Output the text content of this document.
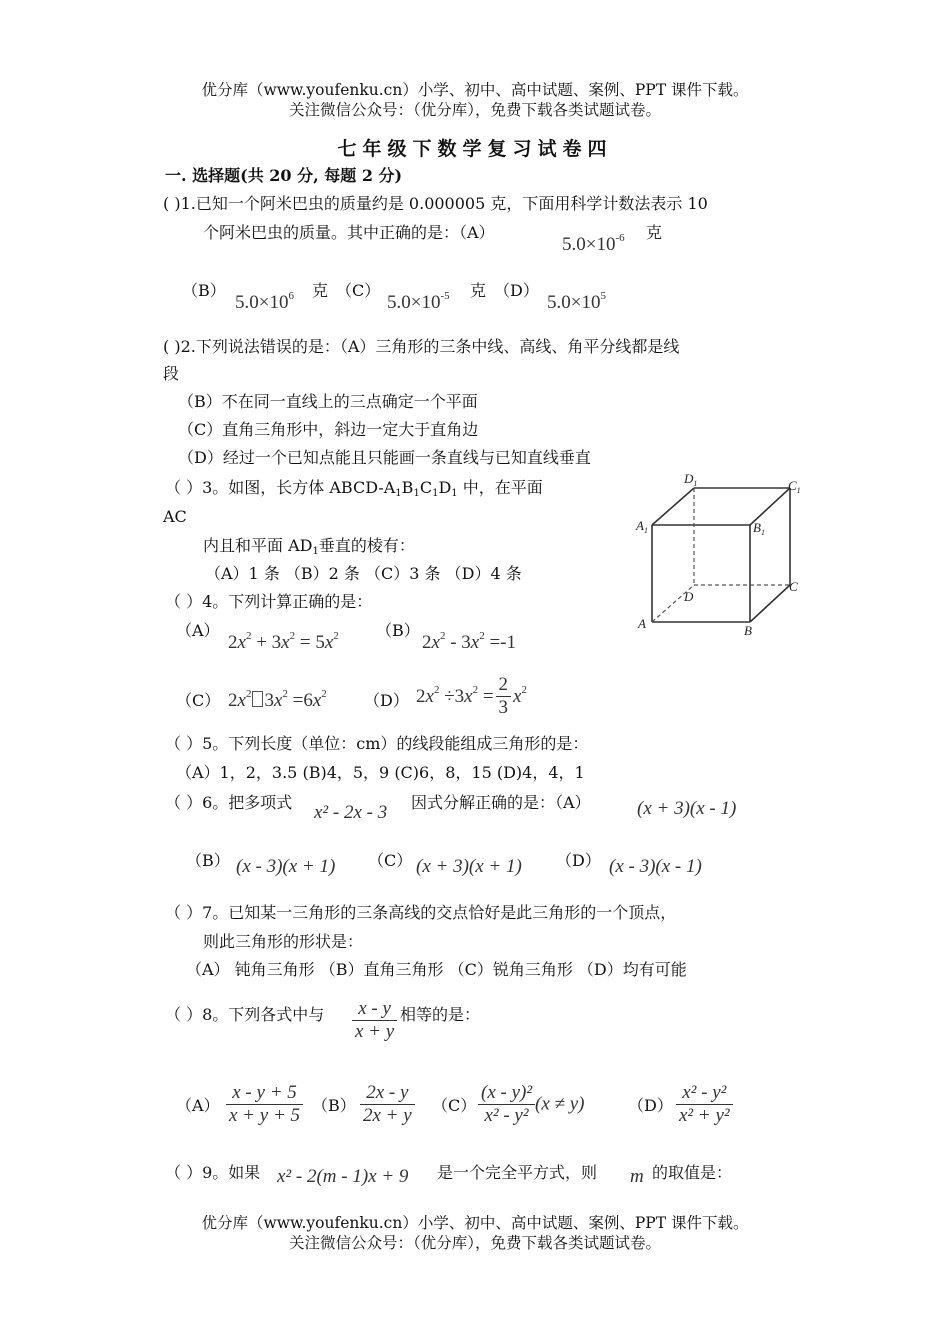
优分库（www.youfenku.cn）小学、初中、高中试题、案例、PPT 课件下载。
关注微信公众号：（优分库），免费下载各类试题试卷。
七年级下数学复习试卷四
一. 选择题(共 20 分, 每题 2 分)
( )1.已知一个阿米巴虫的质量约是 0.000005 克，下面用科学计数法表示 10
个阿米巴虫的质量。其中正确的是：（A）
$5.0\times 10^{-6}$ 克
（B）
$5.0\times 10^6$ 克 （C）
$5.0\times 10^{-5}$ 克 （D）
$5.0\times 10^5$
( )2.下列说法错误的是：（A）三角形的三条中线、高线、角平分线都是线
段
（B）不在同一直线上的三点确定一个平面
（C）直角三角形中，斜边一定大于直角边
（D）经过一个已知点能且只能画一条直线与已知直线垂直
（ ）3。如图，长方体 ABCD-$A_1B_1C_1D_1$ 中，在平面
AC
内且和平面 $AD_1$垂直的棱有：
（A）1 条 （B）2 条 （C）3 条 （D）4 条
$D_1$	$C_1$
$A_1$	$B_1$
D
C
A	B
（ ）4。下列计算正确的是：
（A）
$2x^2 + 3x^2 = 5x^2$ （B）
$2x^2 - 3x^2 =-1$
（C） $2x^2$ $3x^2 =6x^2$ （D） $2x^2 \div 3x^2 = \frac{2}{3} x^2$
（ ）5。下列长度（单位：cm）的线段能组成三角形的是：
（A）1，2，3.5 (B)4，5，9 (C)6，8，15 (D)4，4，1
（ ）6。把多项式 x² - 2x - 3 因式分解正确的是：（A） (x + 3)(x - 1)
（B） (x - 3)(x + 1) （C） (x + 3)(x + 1) （D） (x - 3)(x - 1)
（ ）7。已知某一三角形的三条高线的交点恰好是此三角形的一个顶点，
则此三角形的形状是：
（A） 钝角三角形 （B）直角三角形 （C）锐角三角形 （D）均有可能
（ ）8。下列各式中与 $\frac{x - y}{x + y}$ 相等的是：
$(A) \frac{x - y + 5}{x + y + 5} (B) \frac{2x - y}{2x + y} (C) \frac{\text{(x - y)²}}{\text{x² - y²}} (x \ne y)$	$(D) \frac{\text{x² - y²}}{\text{x² + y²}}$
（ ）9。如果 x² - 2(m - 1)x + 9 是一个完全平方式，则 m 的取值是：
优分库（www.youfenku.cn）小学、初中、高中试题、案例、PPT 课件下载。
关注微信公众号：（优分库），免费下载各类试题试卷。
